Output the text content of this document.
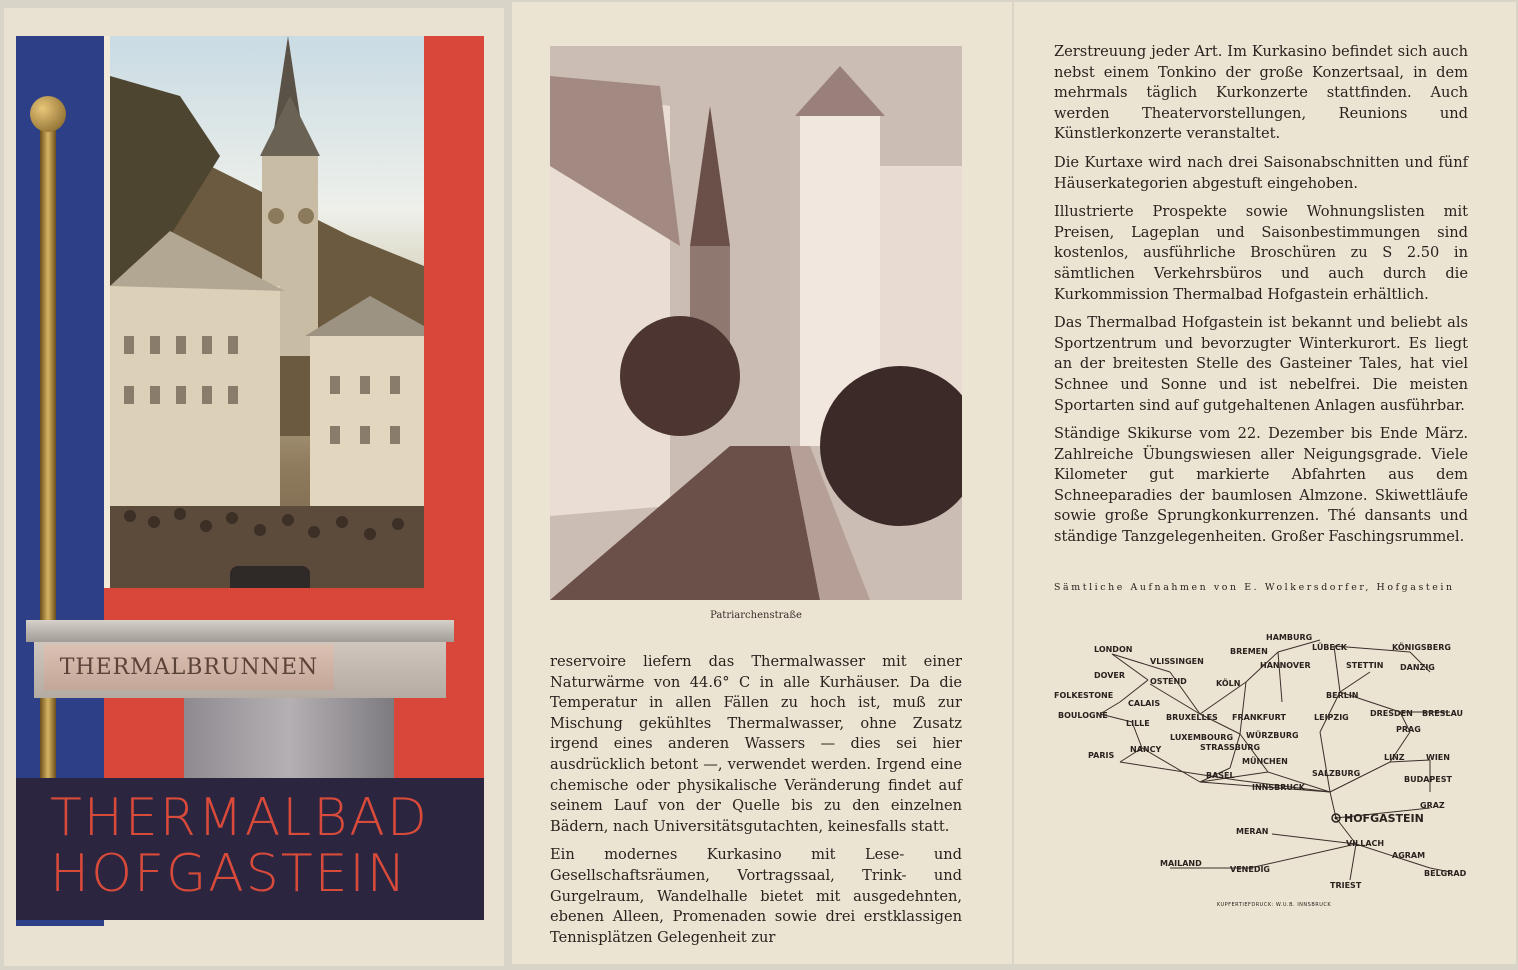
THERMALBRUNNEN
THERMALBAD
HOFGASTEIN
Patriarchenstraße

reservoire liefern das Thermalwasser mit einer Naturwärme von 44.6° C in alle Kurhäuser. Da die Temperatur in allen Fällen zu hoch ist, muß zur Mischung gekühltes Thermalwasser, ohne Zusatz irgend eines anderen Wassers — dies sei hier ausdrücklich betont —, verwendet werden. Irgend eine chemische oder physikalische Veränderung findet auf seinem Lauf von der Quelle bis zu den einzelnen Bädern, nach Universitätsgutachten, keinesfalls statt.

Ein modernes Kurkasino mit Lese- und Gesellschaftsräumen, Vortragssaal, Trink- und Gurgelraum, Wandelhalle bietet mit ausgedehnten, ebenen Alleen, Promenaden sowie drei erstklassigen Tennisplätzen Gelegenheit zur

Zerstreuung jeder Art. Im Kurkasino befindet sich auch nebst einem Tonkino der große Konzertsaal, in dem mehrmals täglich Kurkonzerte stattfinden. Auch werden Theatervorstellungen, Reunions und Künstlerkonzerte veranstaltet.

Die Kurtaxe wird nach drei Saisonabschnitten und fünf Häuserkategorien abgestuft eingehoben.

Illustrierte Prospekte sowie Wohnungslisten mit Preisen, Lageplan und Saisonbestimmungen sind kostenlos, ausführliche Broschüren zu S 2.50 in sämtlichen Verkehrsbüros und auch durch die Kurkommission Thermalbad Hofgastein erhältlich.

Das Thermalbad Hofgastein ist bekannt und beliebt als Sportzentrum und bevorzugter Winterkurort. Es liegt an der breitesten Stelle des Gasteiner Tales, hat viel Schnee und Sonne und ist nebelfrei. Die meisten Sportarten sind auf gutgehaltenen Anlagen ausführbar.

Ständige Skikurse vom 22. Dezember bis Ende März. Zahlreiche Übungswiesen aller Neigungsgrade. Viele Kilometer gut markierte Abfahrten aus dem Schneeparadies der baumlosen Almzone. Skiwettläufe sowie große Sprungkonkurrenzen. Thé dansants und ständige Tanzgelegenheiten. Großer Faschingsrummel.

Sämtliche Aufnahmen von E. Wolkersdorfer, Hofgastein
LONDON
DOVER
FOLKESTONE
BOULOGNE
PARIS
VLISSINGEN
OSTEND
CALAIS
LILLE
BRUXELLES
LUXEMBOURG
NANCY	STRASSBURG
BASEL
HAMBURG
BREMEN
HANNOVER
KÖLN
FRANKFURT
WÜRZBURG
MÜNCHEN
INNSBRUCK
LÜBECK
STETTIN
BERLIN
LEIPZIG	DRESDEN
KÖNIGSBERG
DANZIG
BRESLAU
PRAG
LINZ	WIEN
BUDAPEST
SALZBURG
GRAZ
HOFGASTEIN
MERAN
VILLACH
AGRAM
BELGRAD
MAILAND
VENEDIG
TRIEST
KUPFERTIEFDRUCK: W.U.B. INNSBRUCK
